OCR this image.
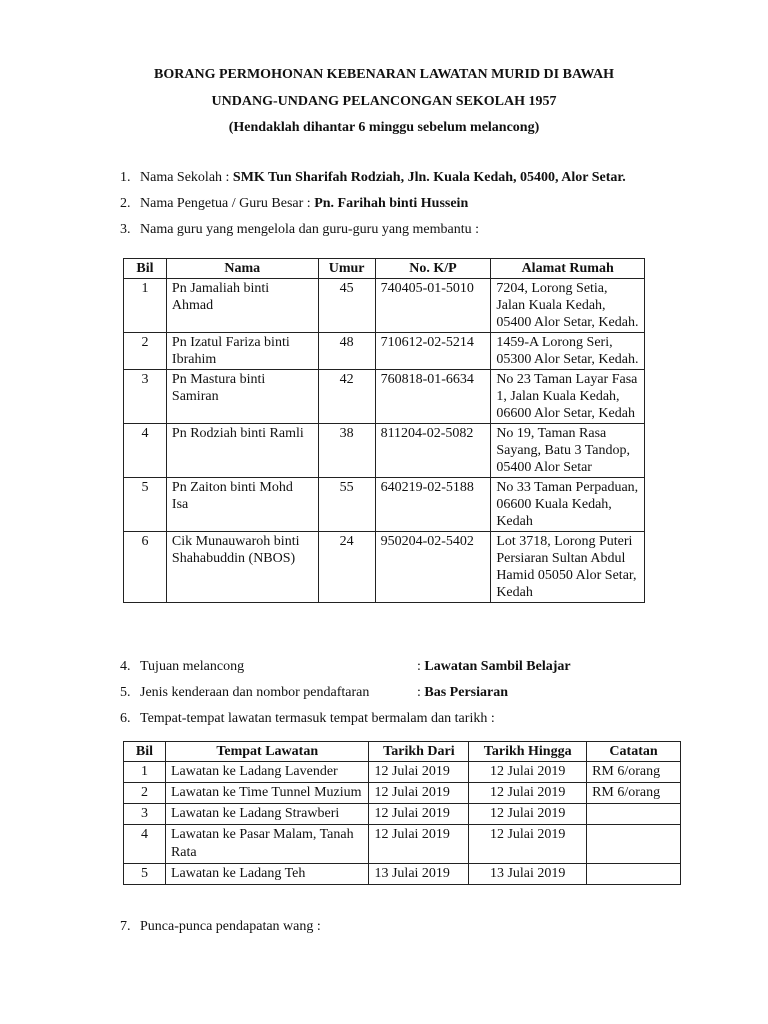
BORANG PERMOHONAN KEBENARAN LAWATAN MURID DI BAWAH
UNDANG-UNDANG PELANCONGAN SEKOLAH 1957
(Hendaklah dihantar 6 minggu sebelum melancong)
1. Nama Sekolah : SMK Tun Sharifah Rodziah, Jln. Kuala Kedah, 05400, Alor Setar.
2. Nama Pengetua / Guru Besar : Pn. Farihah binti Hussein
3. Nama guru yang mengelola dan guru-guru yang membantu :
Bil	Nama	Umur	No. K/P	Alamat Rumah
1	Pn Jamaliah binti Ahmad	45	740405-01-5010	7204, Lorong Setia, Jalan Kuala Kedah, 05400 Alor Setar, Kedah.
2	Pn Izatul Fariza binti Ibrahim	48	710612-02-5214	1459-A Lorong Seri, 05300 Alor Setar, Kedah.
3	Pn Mastura binti Samiran	42	760818-01-6634	No 23 Taman Layar Fasa 1, Jalan Kuala Kedah, 06600 Alor Setar, Kedah
4	Pn Rodziah binti Ramli	38	811204-02-5082	No 19, Taman Rasa Sayang, Batu 3 Tandop, 05400 Alor Setar
5	Pn Zaiton binti Mohd Isa	55	640219-02-5188	No 33 Taman Perpaduan, 06600 Kuala Kedah, Kedah
6	Cik Munauwaroh binti Shahabuddin (NBOS)	24	950204-02-5402	Lot 3718, Lorong Puteri Persiaran Sultan Abdul Hamid 05050 Alor Setar, Kedah
4. Tujuan melancong	: Lawatan Sambil Belajar
5. Jenis kenderaan dan nombor pendaftaran	: Bas Persiaran
6. Tempat-tempat lawatan termasuk tempat bermalam dan tarikh :
Bil	Tempat Lawatan	Tarikh Dari	Tarikh Hingga	Catatan
1	Lawatan ke Ladang Lavender	12 Julai 2019	12 Julai 2019	RM 6/orang
2	Lawatan ke Time Tunnel Muzium	12 Julai 2019	12 Julai 2019	RM 6/orang
3	Lawatan ke Ladang Strawberi	12 Julai 2019	12 Julai 2019	
4	Lawatan ke Pasar Malam, Tanah Rata	12 Julai 2019	12 Julai 2019	
5	Lawatan ke Ladang Teh	13 Julai 2019	13 Julai 2019	
7. Punca-punca pendapatan wang :
